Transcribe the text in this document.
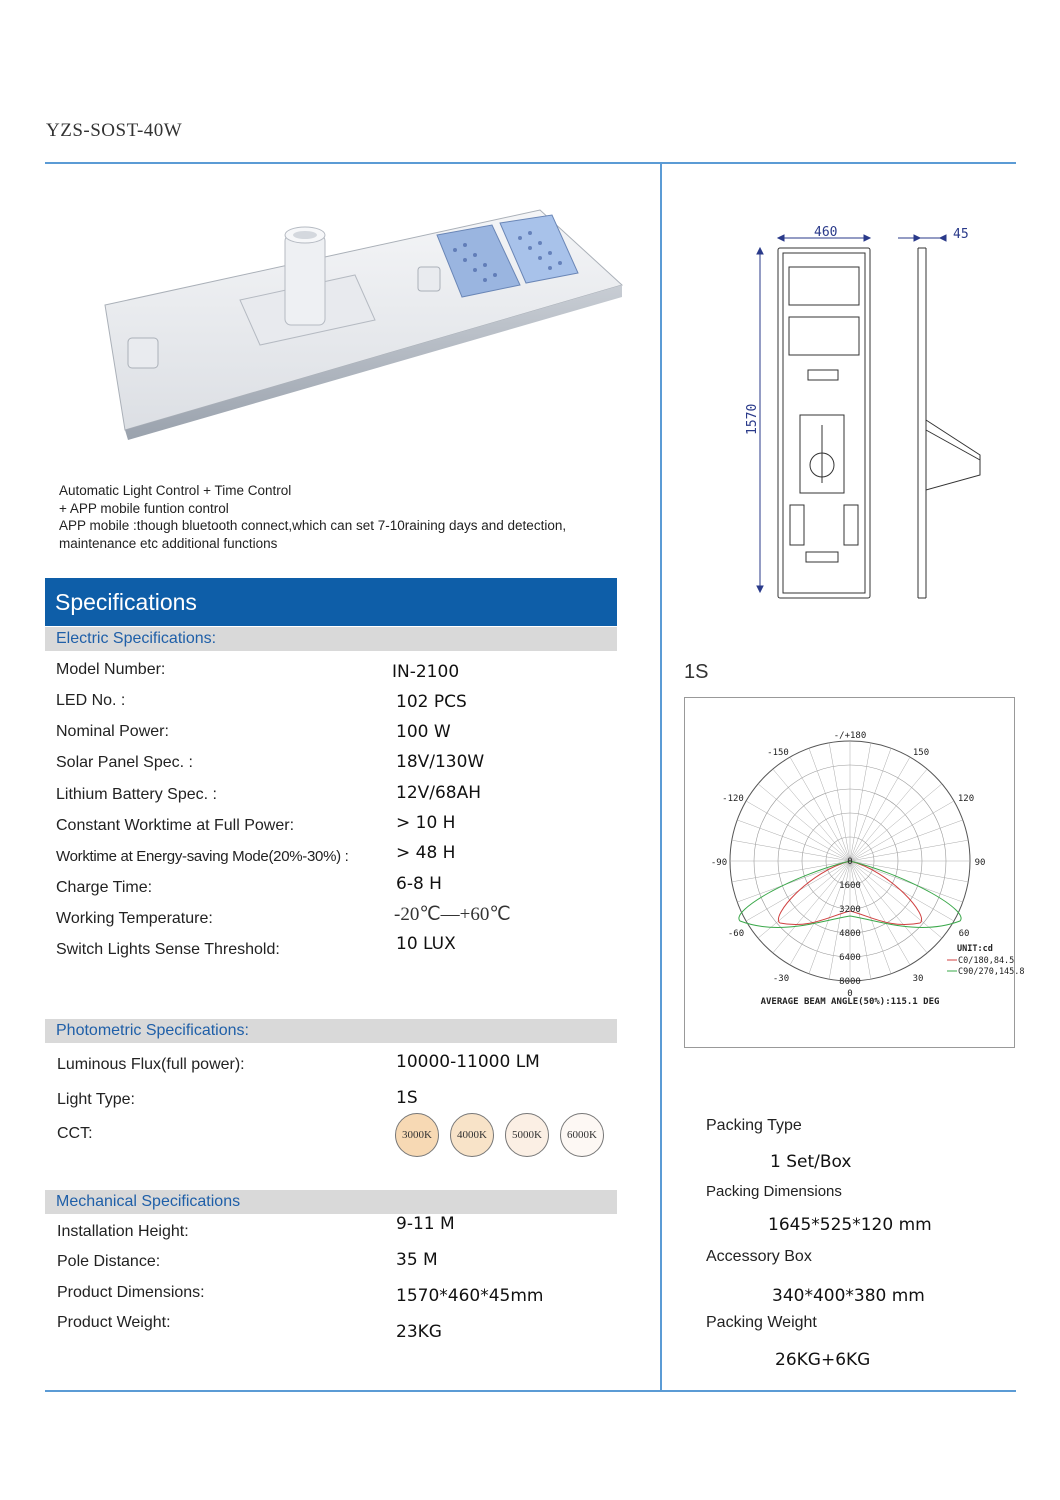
YZS-SOST-40W
Automatic Light Control + Time Control
+ APP mobile funtion control
APP mobile :though bluetooth connect,which can set 7-10raining days and detection,
maintenance etc additional functions
460	45
1570
Specifications
Electric Specifications:
Model Number:	IN-2100
LED No. :	102 PCS
Nominal Power:	100 W
Solar Panel Spec. :	18V/130W
Lithium Battery Spec. :	12V/68AH
Constant Worktime at Full Power:	> 10 H
Worktime at Energy-saving Mode(20%-30%) :	> 48 H
Charge Time:	6-8 H
Working Temperature:	-20℃—+60℃
Switch Lights Sense Threshold:	10 LUX
Photometric Specifications:
Luminous Flux(full power):	10000-11000 LM
Light Type:	1S
CCT:	3000K	4000K	5000K	6000K
Mechanical Specifications
Installation Height:	9-11 M
Pole Distance:	35 M
Product Dimensions:	1570*460*45mm
Product Weight:	23KG
1S
-/+180
-150	150
-120	120
-90	90
-60	60
-30	30
0
1600
3200
4800
6400
8000
0
UNIT:cd
C0/180,84.5
C90/270,145.8
AVERAGE BEAM ANGLE(50%):115.1 DEG
Packing Type
1 Set/Box
Packing Dimensions
1645*525*120 mm
Accessory Box
340*400*380 mm
Packing Weight
26KG+6KG
